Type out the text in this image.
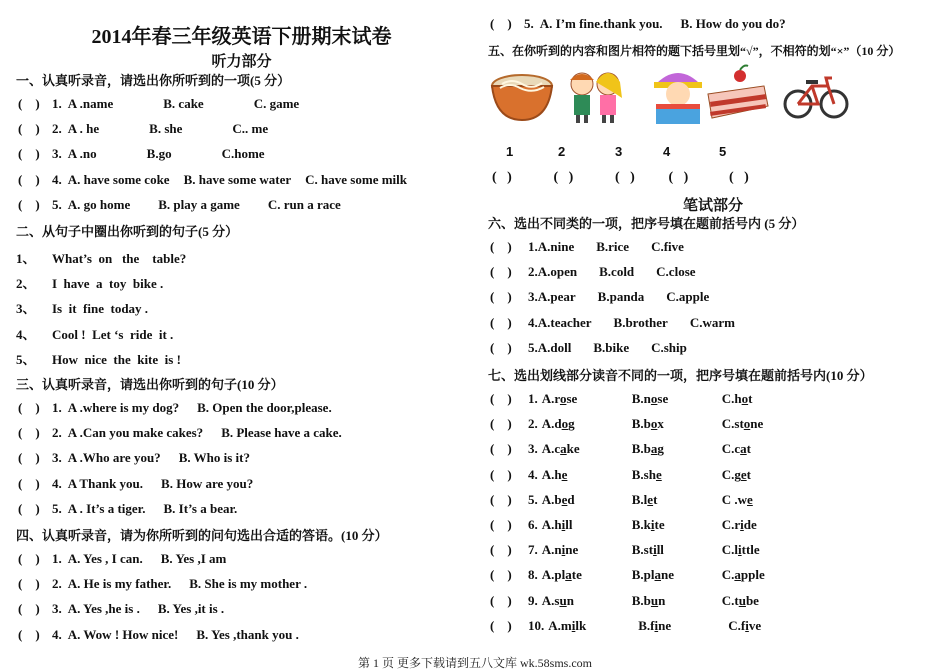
2014年春三年级英语下册期末试卷
听力部分
一、认真听录音，请选出你所听到的一项(5 分）
(    ) 1. A .name	B. cake	C. game
(    ) 2. A . he	B. she	C.. me
(    ) 3. A .no	B.go	C.home
(    ) 4. A. have some coke B. have some water C. have some milk
(    ) 5. A. go home B. play a game C. run a race
二、从句子中圈出你听到的句子(5 分）
1、 What’s  on   the    table?
2、 I  have  a  toy  bike .
3、 Is  it  fine  today .
4、 Cool !  Let ‘s  ride  it .
5、 How  nice  the  kite  is !
三、认真听录音，请选出你听到的句子(10 分）
(    ) 1. A .where is my dog? B. Open the door,please.
(    ) 2. A .Can you make cakes? B. Please have a cake.
(    ) 3. A .Who are you? B. Who is it?
(    ) 4. A Thank you. B. How are you?
(    ) 5. A . It’s a tiger. B. It’s a bear.
四、认真听录音，请为你所听到的问句选出合适的答语。(10 分）
(    ) 1. A. Yes , I can. B. Yes ,I am
(    ) 2. A. He is my father. B. She is my mother .
(    ) 3. A. Yes ,he is . B. Yes ,it is .
(    ) 4. A. Wow ! How nice! B. Yes ,thank you .
(    ) 5. A. I’m fine.thank you. B. How do you do?
五、在你听到的内容和图片相符的题下括号里划“√”，不相符的划“×”（10 分）
1	2	3	4	5
(   )	(   )	(   ) (   )	(   )
笔试部分
六、选出不同类的一项，把序号填在题前括号内 (5 分）
(    ) 1.A.nine B.rice C.five
(    ) 2.A.open B.cold C.close
(    ) 3.A.pear B.panda C.apple
(    ) 4.A.teacher B.brother C.warm
(    ) 5.A.doll B.bike C.ship
七、选出划线部分读音不同的一项，把序号填在题前括号内(10 分）
(    ) 1. A.rose	B.nose	C.hot
(    ) 2. A.dog	B.box	C.stone
(    ) 3. A.cake	B.bag	C.cat
(    ) 4. A.he	B.she	C.get
(    ) 5. A.bed	B.let	C .we
(    ) 6. A.hill	B.kite	C.ride
(    ) 7. A.nine	B.still	C.little
(    ) 8. A.plate	B.plane	C.apple
(    ) 9. A.sun	B.bun	C.tube
(    ) 10. A.milk	B.fine	C.five
第 1 页 更多下载请到五八文库 wk.58sms.com
